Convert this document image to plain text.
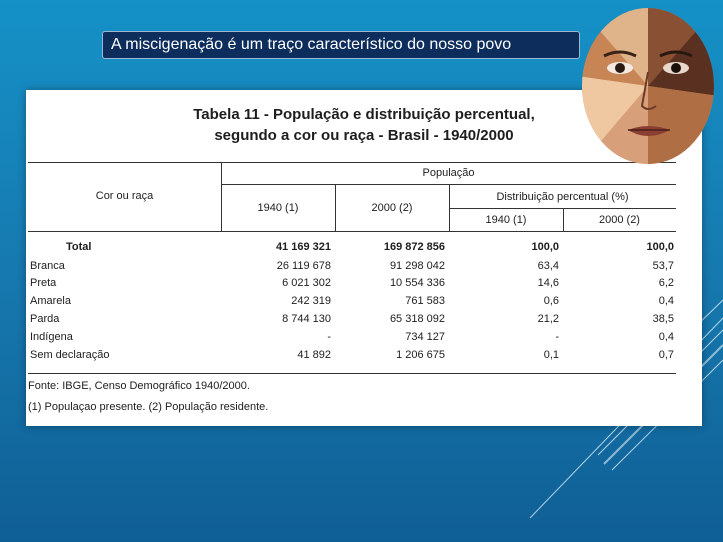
A miscigenação é um traço característico do nosso povo
Tabela 11 - População e distribuição percentual,
segundo a cor ou raça - Brasil - 1940/2000
Cor ou raça
População
1940 (1)	2000 (2)
Distribuição percentual (%)
1940 (1)	2000 (2)
Total	41 169 321	169 872 856	100,0	100,0
Branca	26 119 678	91 298 042	63,4	53,7
Preta	6 021 302	10 554 336	14,6	6,2
Amarela	242 319	761 583	0,6	0,4
Parda	8 744 130	65 318 092	21,2	38,5
Indígena	-	734 127	-	0,4
Sem declaração	41 892	1 206 675	0,1	0,7
Fonte: IBGE, Censo Demográfico 1940/2000.
(1) Populaçao presente. (2) População residente.
